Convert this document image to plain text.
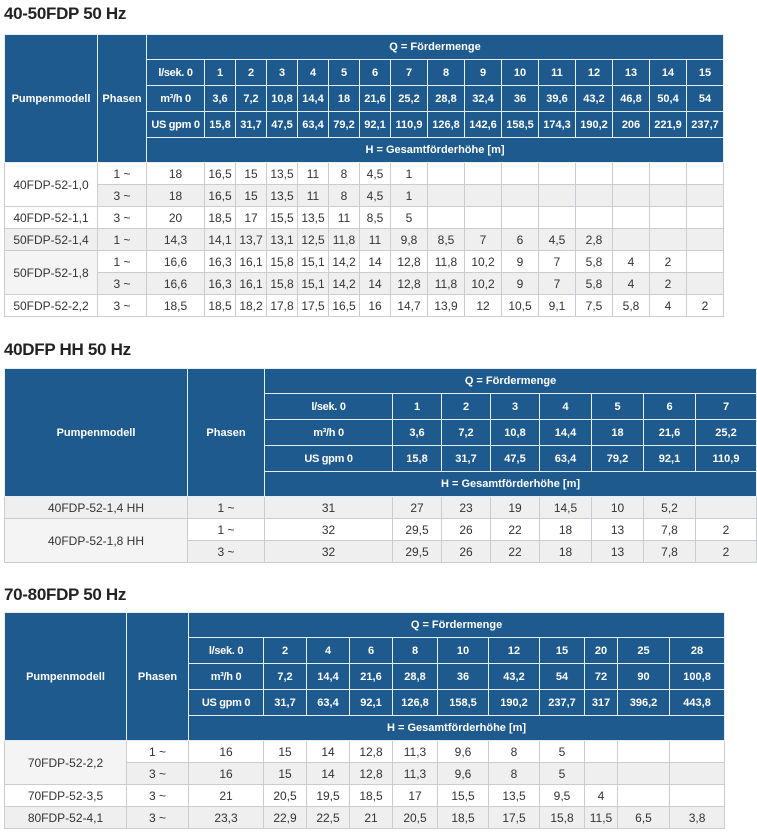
40-50FDP 50 Hz
Pumpenmodell	Phasen	Q = Fördermenge															
		l/sek. 0	1	2	3	4	5	6	7	8	9	10	11	12	13	14	15
		m³/h 0	3,6	7,2	10,8	14,4	18	21,6	25,2	28,8	32,4	36	39,6	43,2	46,8	50,4	54
		US gpm 0	15,8	31,7	47,5	63,4	79,2	92,1	110,9	126,8	142,6	158,5	174,3	190,2	206	221,9	237,7
		H = Gesamtförderhöhe [m]															
40FDP-52-1,0	1 ~	18	16,5	15	13,5	11	8	4,5	1								
	3 ~	18	16,5	15	13,5	11	8	4,5	1								
40FDP-52-1,1	3 ~	20	18,5	17	15,5	13,5	11	8,5	5								
50FDP-52-1,4	1 ~	14,3	14,1	13,7	13,1	12,5	11,8	11	9,8	8,5	7	6	4,5	2,8			
50FDP-52-1,8	1 ~	16,6	16,3	16,1	15,8	15,1	14,2	14	12,8	11,8	10,2	9	7	5,8	4	2	
	3 ~	16,6	16,3	16,1	15,8	15,1	14,2	14	12,8	11,8	10,2	9	7	5,8	4	2	
50FDP-52-2,2	3 ~	18,5	18,5	18,2	17,8	17,5	16,5	16	14,7	13,9	12	10,5	9,1	7,5	5,8	4	2
40DFP HH 50 Hz
Pumpenmodell	Phasen	Q = Fördermenge							
		l/sek. 0	1	2	3	4	5	6	7
		m³/h 0	3,6	7,2	10,8	14,4	18	21,6	25,2
		US gpm 0	15,8	31,7	47,5	63,4	79,2	92,1	110,9
		H = Gesamtförderhöhe [m]							
40FDP-52-1,4 HH	1 ~	31	27	23	19	14,5	10	5,2	
40FDP-52-1,8 HH	1 ~	32	29,5	26	22	18	13	7,8	2
	3 ~	32	29,5	26	22	18	13	7,8	2
70-80FDP 50 Hz
Pumpenmodell	Phasen	Q = Fördermenge										
		l/sek. 0	2	4	6	8	10	12	15	20	25	28
		m³/h 0	7,2	14,4	21,6	28,8	36	43,2	54	72	90	100,8
		US gpm 0	31,7	63,4	92,1	126,8	158,5	190,2	237,7	317	396,2	443,8
		H = Gesamtförderhöhe [m]										
70FDP-52-2,2	1 ~	16	15	14	12,8	11,3	9,6	8	5			
	3 ~	16	15	14	12,8	11,3	9,6	8	5			
70FDP-52-3,5	3 ~	21	20,5	19,5	18,5	17	15,5	13,5	9,5	4		
80FDP-52-4,1	3 ~	23,3	22,9	22,5	21	20,5	18,5	17,5	15,8	11,5	6,5	3,8
